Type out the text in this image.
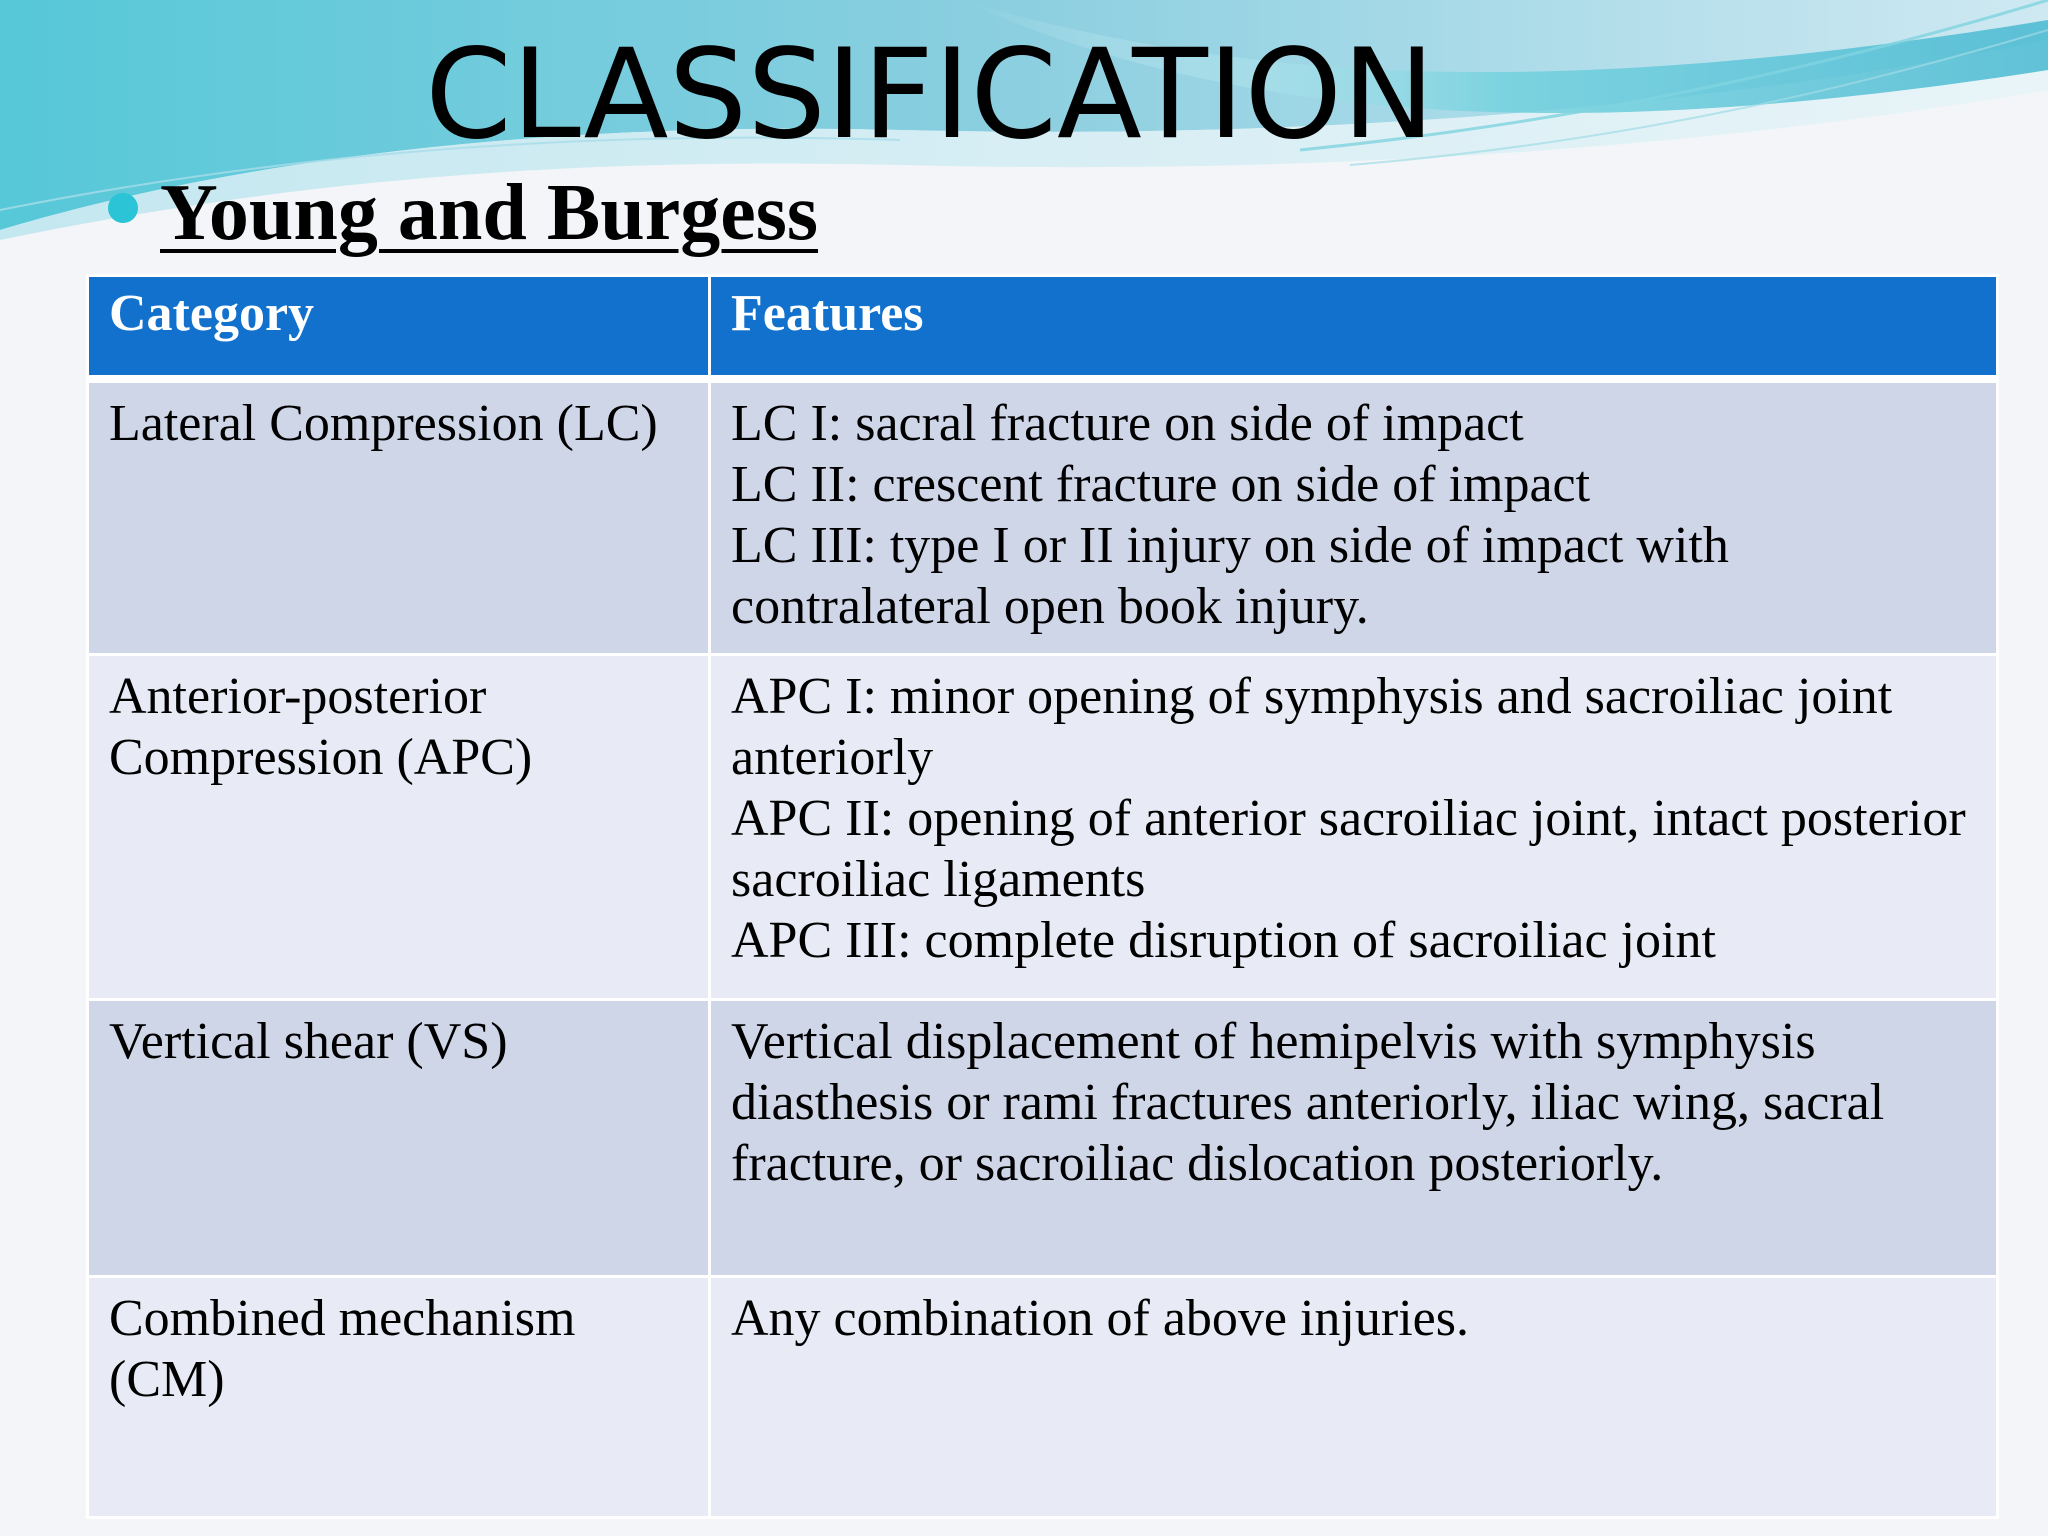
CLASSIFICATION
Young and Burgess
Category	Features
Lateral Compression (LC)	LC I: sacral fracture on side of impact
LC II: crescent fracture on side of impact
LC III: type I or II injury on side of impact with contralateral open book injury.

Anterior-posterior Compression (APC)	APC I: minor opening of symphysis and sacroiliac joint anteriorly
APC II: opening of anterior sacroiliac joint, intact posterior sacroiliac ligaments
APC III: complete disruption of sacroiliac joint

Vertical shear (VS)	Vertical displacement of hemipelvis with symphysis diasthesis or rami fractures anteriorly, iliac wing, sacral fracture, or sacroiliac dislocation posteriorly.

Combined mechanism (CM)	Any combination of above injuries.
